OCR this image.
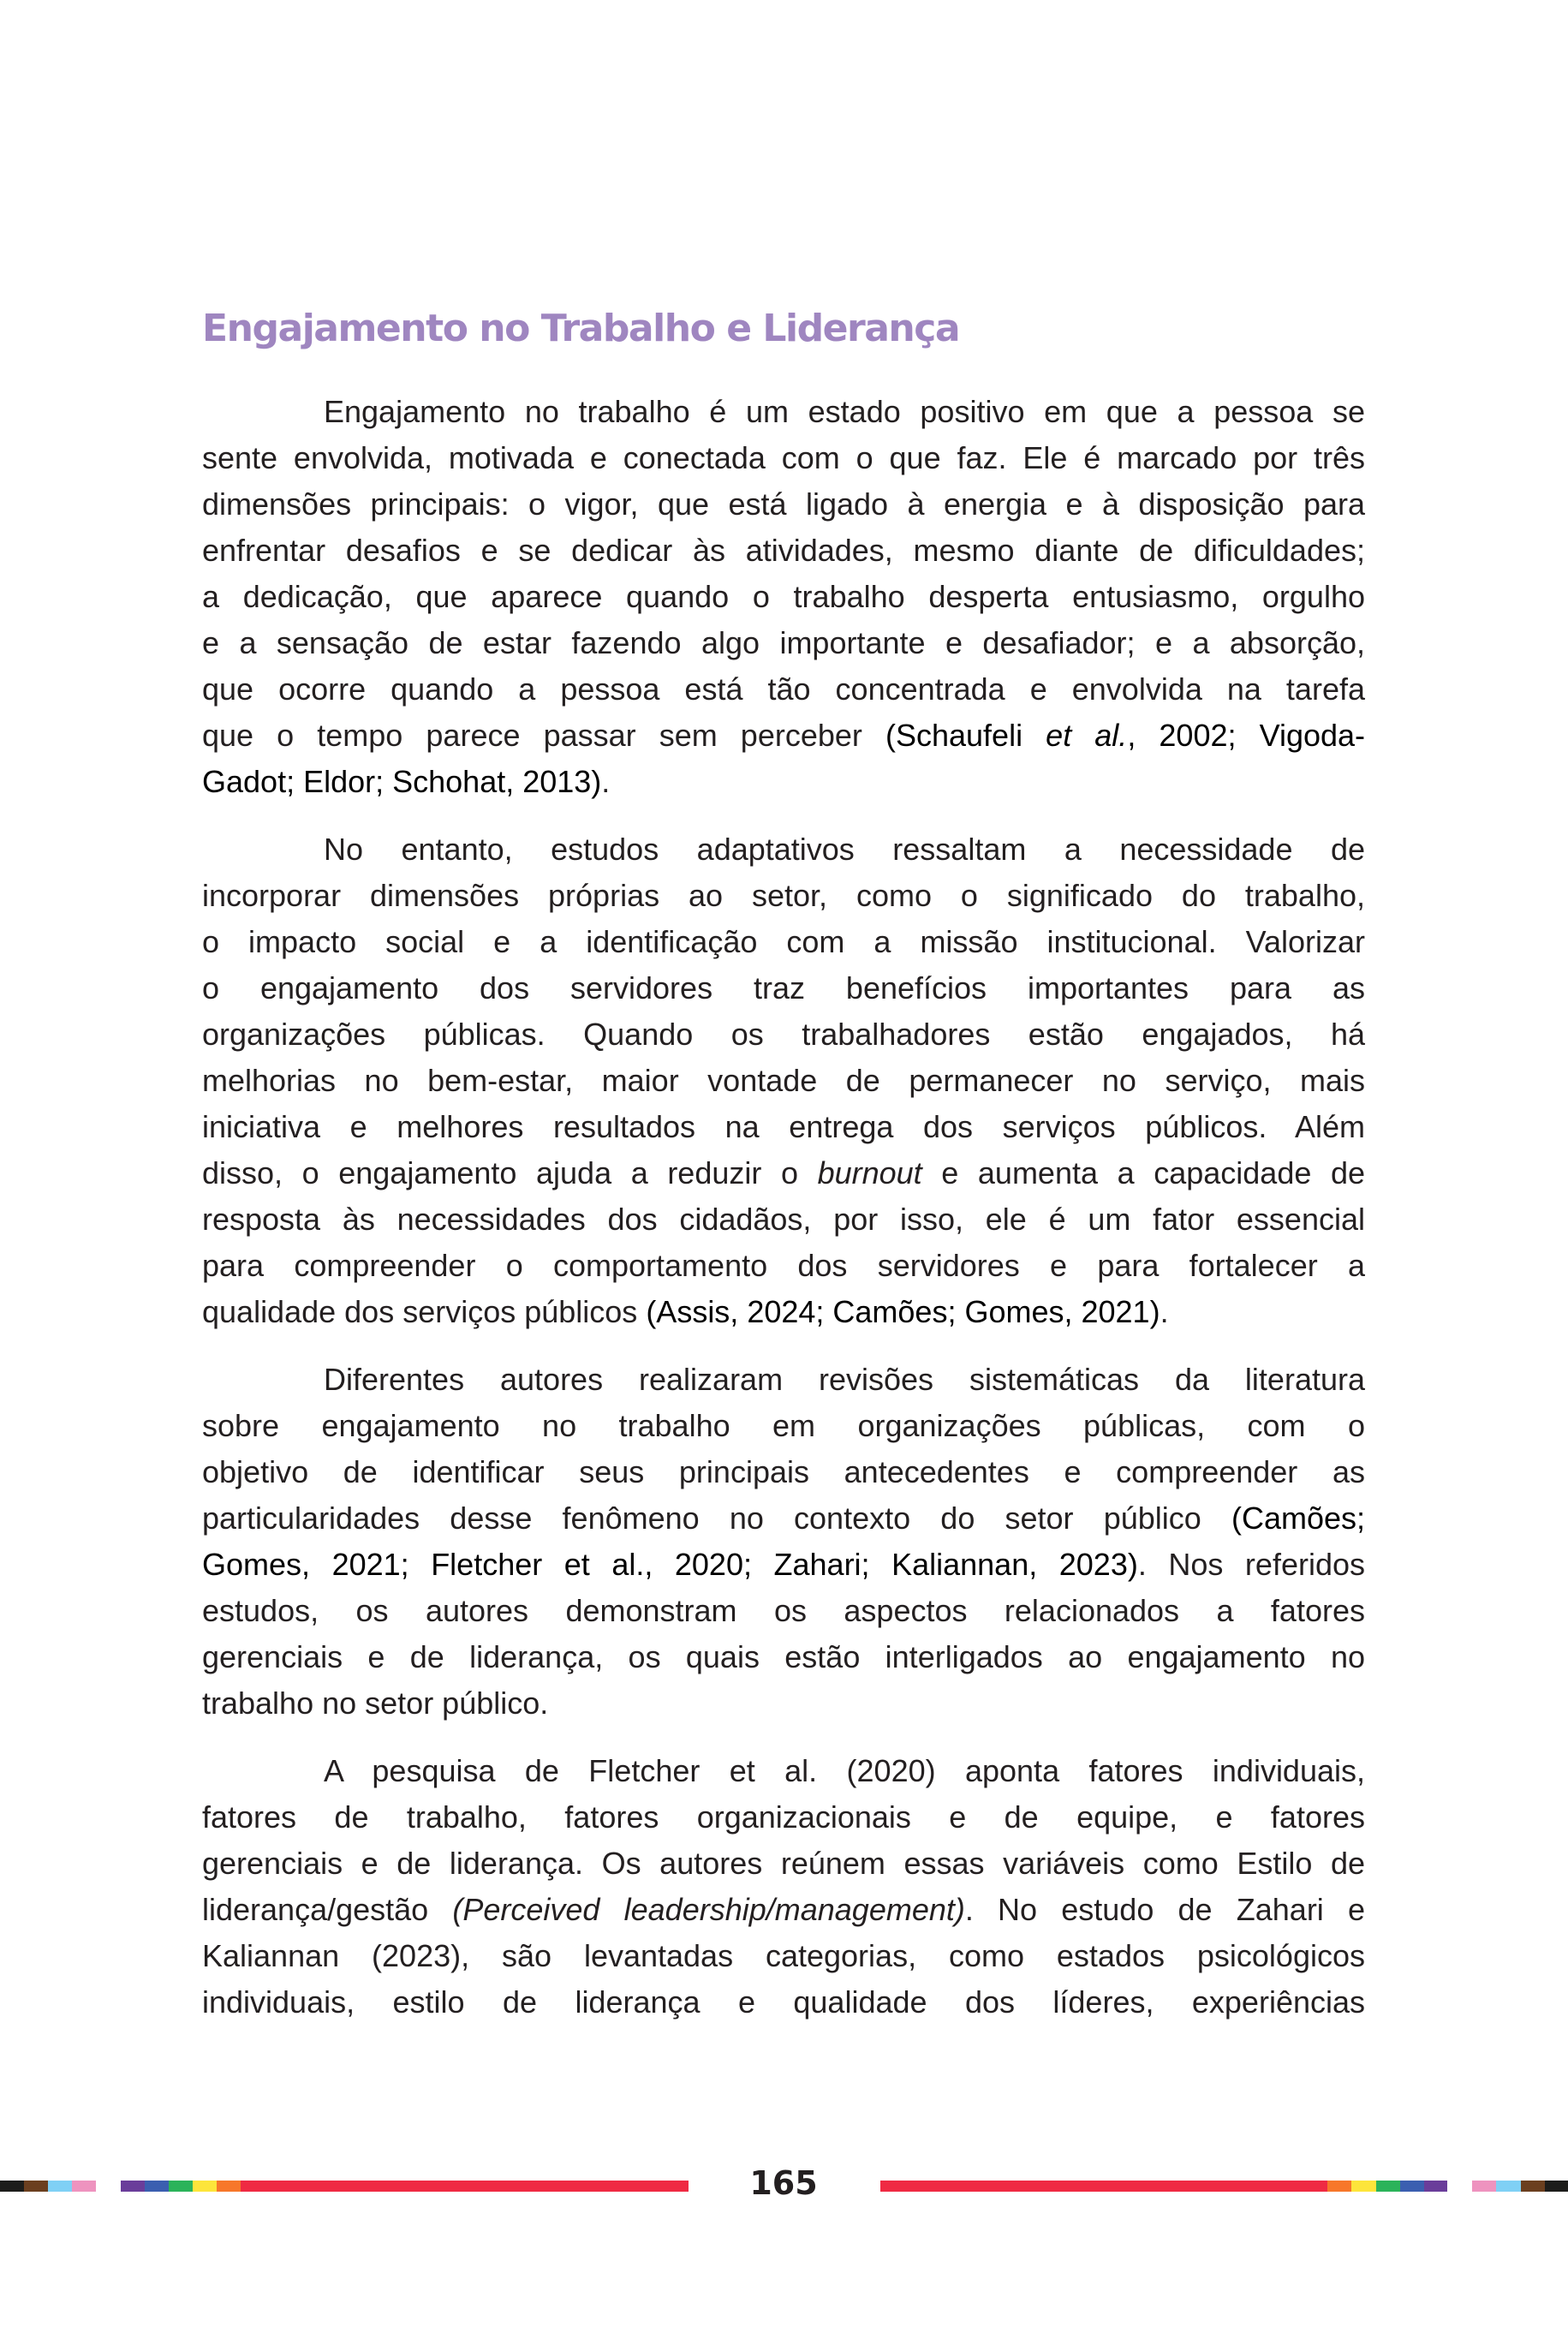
Engajamento no Trabalho e Liderança
Engajamento no trabalho é um estado positivo em que a pessoa se
sente envolvida, motivada e conectada com o que faz. Ele é marcado por três
dimensões principais: o vigor, que está ligado à energia e à disposição para
enfrentar desafios e se dedicar às atividades, mesmo diante de dificuldades;
a dedicação, que aparece quando o trabalho desperta entusiasmo, orgulho
e a sensação de estar fazendo algo importante e desafiador; e a absorção,
que ocorre quando a pessoa está tão concentrada e envolvida na tarefa
que o tempo parece passar sem perceber (Schaufeli et al., 2002; Vigoda-
Gadot; Eldor; Schohat, 2013).
No entanto, estudos adaptativos ressaltam a necessidade de
incorporar dimensões próprias ao setor, como o significado do trabalho,
o impacto social e a identificação com a missão institucional. Valorizar
o engajamento dos servidores traz benefícios importantes para as
organizações públicas. Quando os trabalhadores estão engajados, há
melhorias no bem-estar, maior vontade de permanecer no serviço, mais
iniciativa e melhores resultados na entrega dos serviços públicos. Além
disso, o engajamento ajuda a reduzir o burnout e aumenta a capacidade de
resposta às necessidades dos cidadãos, por isso, ele é um fator essencial
para compreender o comportamento dos servidores e para fortalecer a
qualidade dos serviços públicos (Assis, 2024; Camões; Gomes, 2021).
Diferentes autores realizaram revisões sistemáticas da literatura
sobre engajamento no trabalho em organizações públicas, com o
objetivo de identificar seus principais antecedentes e compreender as
particularidades desse fenômeno no contexto do setor público (Camões;
Gomes, 2021; Fletcher et al., 2020; Zahari; Kaliannan, 2023). Nos referidos
estudos, os autores demonstram os aspectos relacionados a fatores
gerenciais e de liderança, os quais estão interligados ao engajamento no
trabalho no setor público.
A pesquisa de Fletcher et al. (2020) aponta fatores individuais,
fatores de trabalho, fatores organizacionais e de equipe, e fatores
gerenciais e de liderança. Os autores reúnem essas variáveis como Estilo de
liderança/gestão (Perceived leadership/management). No estudo de Zahari e
Kaliannan (2023), são levantadas categorias, como estados psicológicos
individuais, estilo de liderança e qualidade dos líderes, experiências
165
